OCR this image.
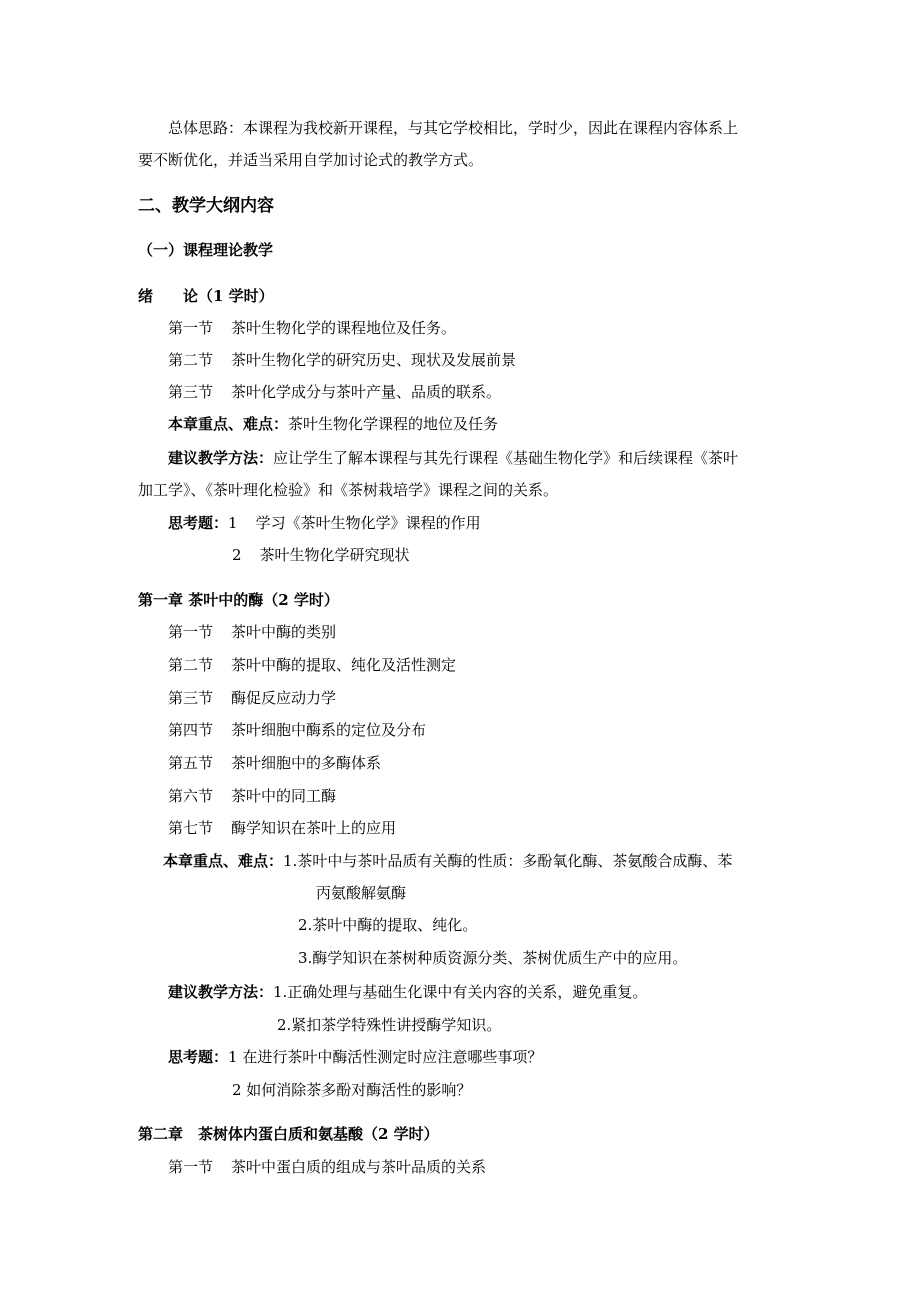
总体思路：本课程为我校新开课程，与其它学校相比，学时少，因此在课程内容体系上
要不断优化，并适当采用自学加讨论式的教学方式。
二、教学大纲内容
（一）课程理论教学
绪 论（1 学时）
第一节 茶叶生物化学的课程地位及任务。
第二节 茶叶生物化学的研究历史、现状及发展前景
第三节 茶叶化学成分与茶叶产量、品质的联系。
本章重点、难点：茶叶生物化学课程的地位及任务
建议教学方法：应让学生了解本课程与其先行课程《基础生物化学》和后续课程《茶叶
加工学》、《茶叶理化检验》和《茶树栽培学》课程之间的关系。
思考题：1 学习《茶叶生物化学》课程的作用
2 茶叶生物化学研究现状
第一章 茶叶中的酶（2 学时）
第一节 茶叶中酶的类别
第二节 茶叶中酶的提取、纯化及活性测定
第三节 酶促反应动力学
第四节 茶叶细胞中酶系的定位及分布
第五节 茶叶细胞中的多酶体系
第六节 茶叶中的同工酶
第七节 酶学知识在茶叶上的应用
本章重点、难点：1.茶叶中与茶叶品质有关酶的性质：多酚氧化酶、茶氨酸合成酶、苯
丙氨酸解氨酶
2.茶叶中酶的提取、纯化。
3.酶学知识在茶树种质资源分类、茶树优质生产中的应用。
建议教学方法：1.正确处理与基础生化课中有关内容的关系，避免重复。
2.紧扣茶学特殊性讲授酶学知识。
思考题：1 在进行茶叶中酶活性测定时应注意哪些事项？
2 如何消除茶多酚对酶活性的影响？
第二章　茶树体内蛋白质和氨基酸（2 学时）
第一节 茶叶中蛋白质的组成与茶叶品质的关系
